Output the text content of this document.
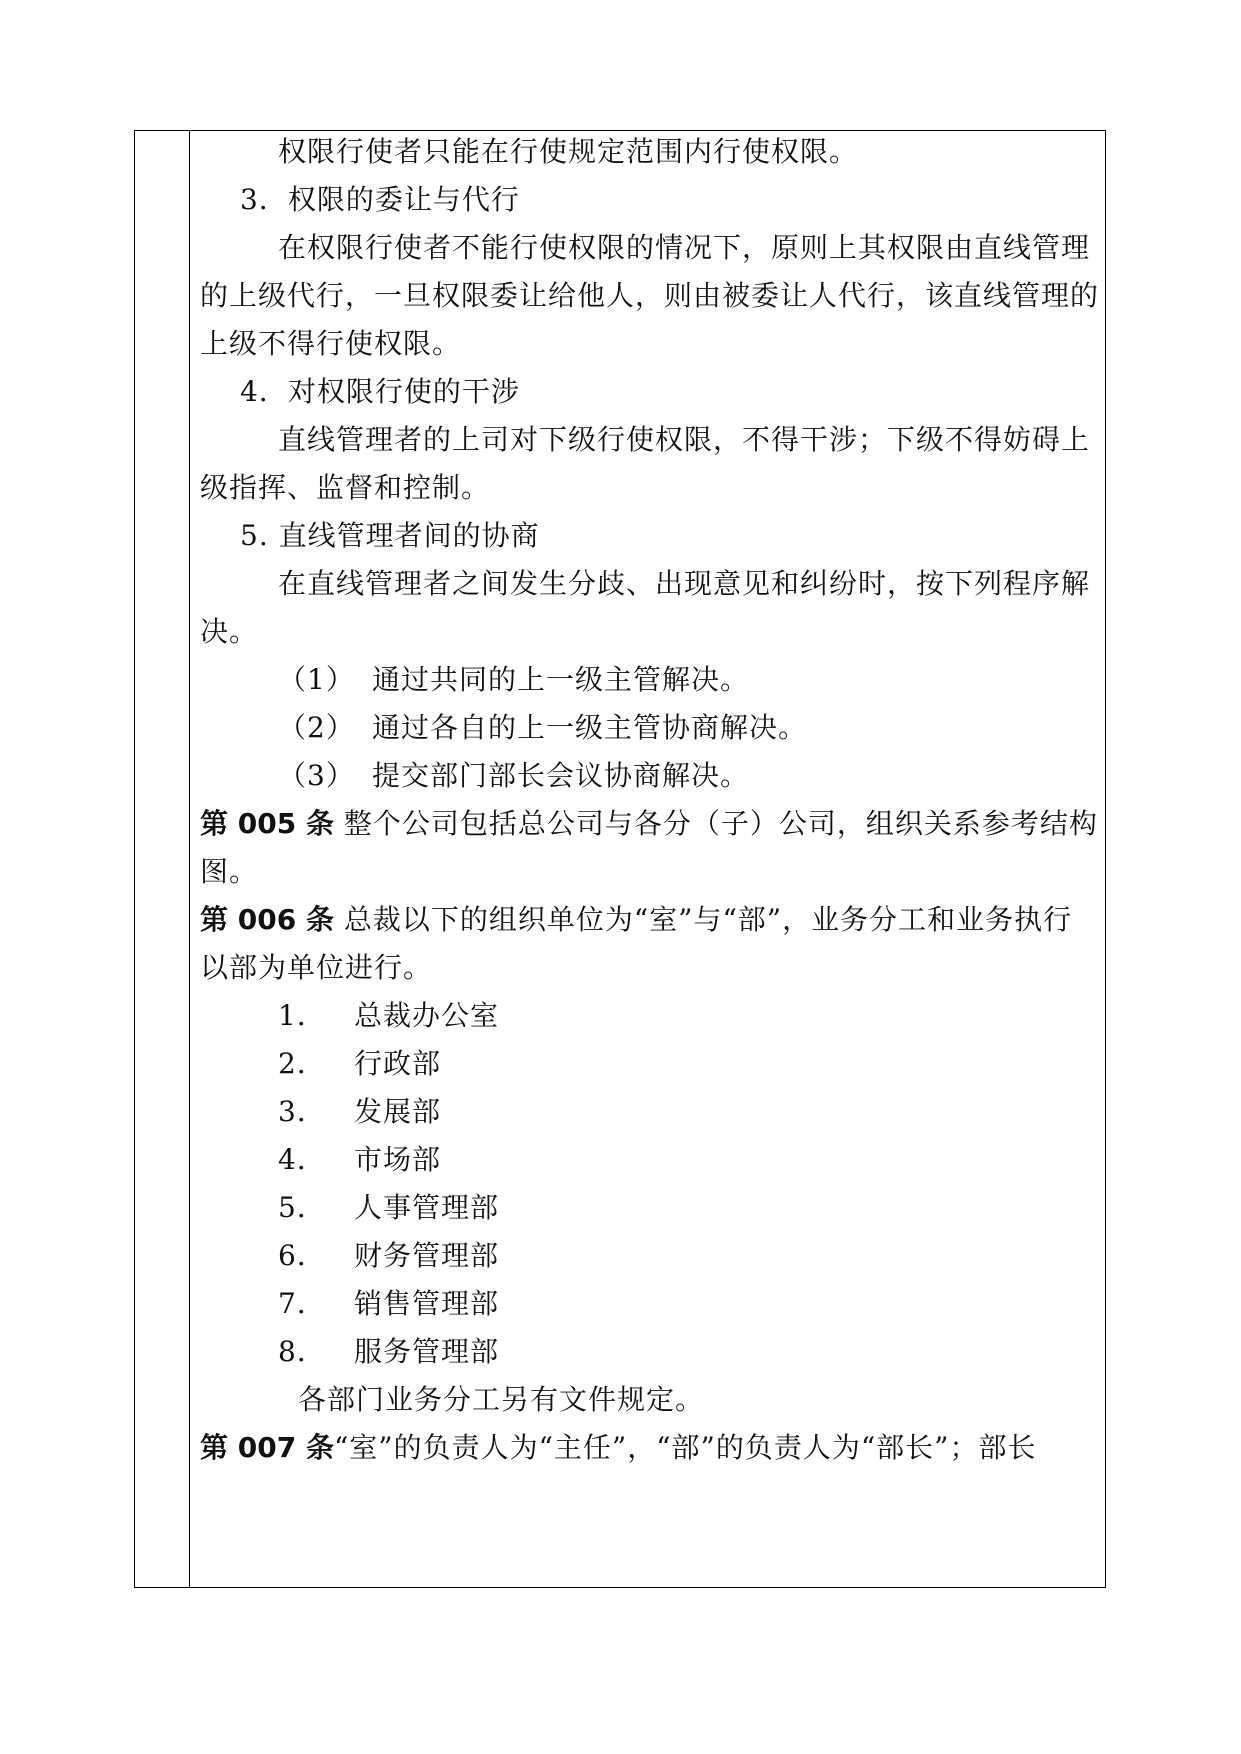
权限行使者只能在行使规定范围内行使权限。
3．权限的委让与代行
在权限行使者不能行使权限的情况下，原则上其权限由直线管理
的上级代行，一旦权限委让给他人，则由被委让人代行，该直线管理的
上级不得行使权限。
4．对权限行使的干涉
直线管理者的上司对下级行使权限，不得干涉；下级不得妨碍上
级指挥、监督和控制。
5. 直线管理者间的协商
在直线管理者之间发生分歧、出现意见和纠纷时，按下列程序解
决。
（1） 通过共同的上一级主管解决。
（2） 通过各自的上一级主管协商解决。
（3） 提交部门部长会议协商解决。
第 005 条 整个公司包括总公司与各分（子）公司，组织关系参考结构
图。
第 006 条 总裁以下的组织单位为“室”与“部”，业务分工和业务执行
以部为单位进行。
1． 总裁办公室
2． 行政部
3． 发展部
4． 市场部
5． 人事管理部
6． 财务管理部
7． 销售管理部
8． 服务管理部
各部门业务分工另有文件规定。
第 007 条“室”的负责人为“主任”，“部”的负责人为“部长”；部长
